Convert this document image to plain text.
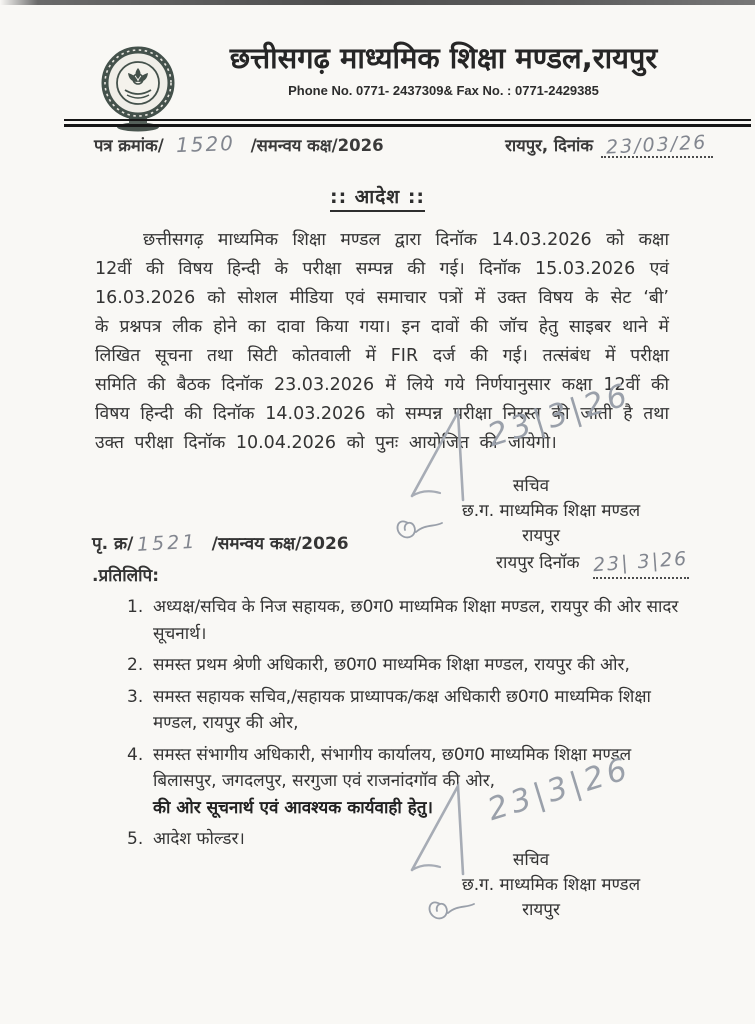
छत्तीसगढ़ माध्यमिक शिक्षा मण्डल,रायपुर
Phone No. 0771- 2437309& Fax No. : 0771-2429385
पत्र क्रमांक/ 1520 /समन्वय कक्ष/2026	रायपुर, दिनांक 23/03/26
:: आदेश ::

छत्तीसगढ़ माध्यमिक शिक्षा मण्डल द्वारा दिनॉक 14.03.2026 को कक्षा 12वीं की विषय हिन्दी के परीक्षा सम्पन्न की गई। दिनॉक 15.03.2026 एवं 16.03.2026 को सोशल मीडिया एवं समाचार पत्रों में उक्त विषय के सेट ‘बी’ के प्रश्नपत्र लीक होने का दावा किया गया। इन दावों की जॉच हेतु साइबर थाने में लिखित सूचना तथा सिटी कोतवाली में FIR दर्ज की गई। तत्संबंध में परीक्षा समिति की बैठक दिनॉक 23.03.2026 में लिये गये निर्णयानुसार कक्षा 12वीं की विषय हिन्दी की दिनॉक 14.03.2026 को सम्पन्न परीक्षा निरस्त की जाती है तथा उक्त परीक्षा दिनॉक 10.04.2026 को पुनः आयोजित की जायेगी।

23|3|26
सचिव
छ.ग. माध्यमिक शिक्षा मण्डल
रायपुर
रायपुर दिनॉक 23| 3|26
पृ. क्र/ 1521 /समन्वय कक्ष/2026
.प्रतिलिपि:
1. अध्यक्ष/सचिव के निज सहायक, छ0ग0 माध्यमिक शिक्षा मण्डल, रायपुर की ओर सादर सूचनार्थ।
2. समस्त प्रथम श्रेणी अधिकारी, छ0ग0 माध्यमिक शिक्षा मण्डल, रायपुर की ओर,
3. समस्त सहायक सचिव,/सहायक प्राध्यापक/कक्ष अधिकारी छ0ग0 माध्यमिक शिक्षा मण्डल, रायपुर की ओर,
4. समस्त संभागीय अधिकारी, संभागीय कार्यालय, छ0ग0 माध्यमिक शिक्षा मण्डल बिलासपुर, जगदलपुर, सरगुजा एवं राजनांदगॉव की ओर,
की ओर सूचनार्थ एवं आवश्यक कार्यवाही हेतु।
5. आदेश फोल्डर।
23|3|26
सचिव
छ.ग. माध्यमिक शिक्षा मण्डल
रायपुर
